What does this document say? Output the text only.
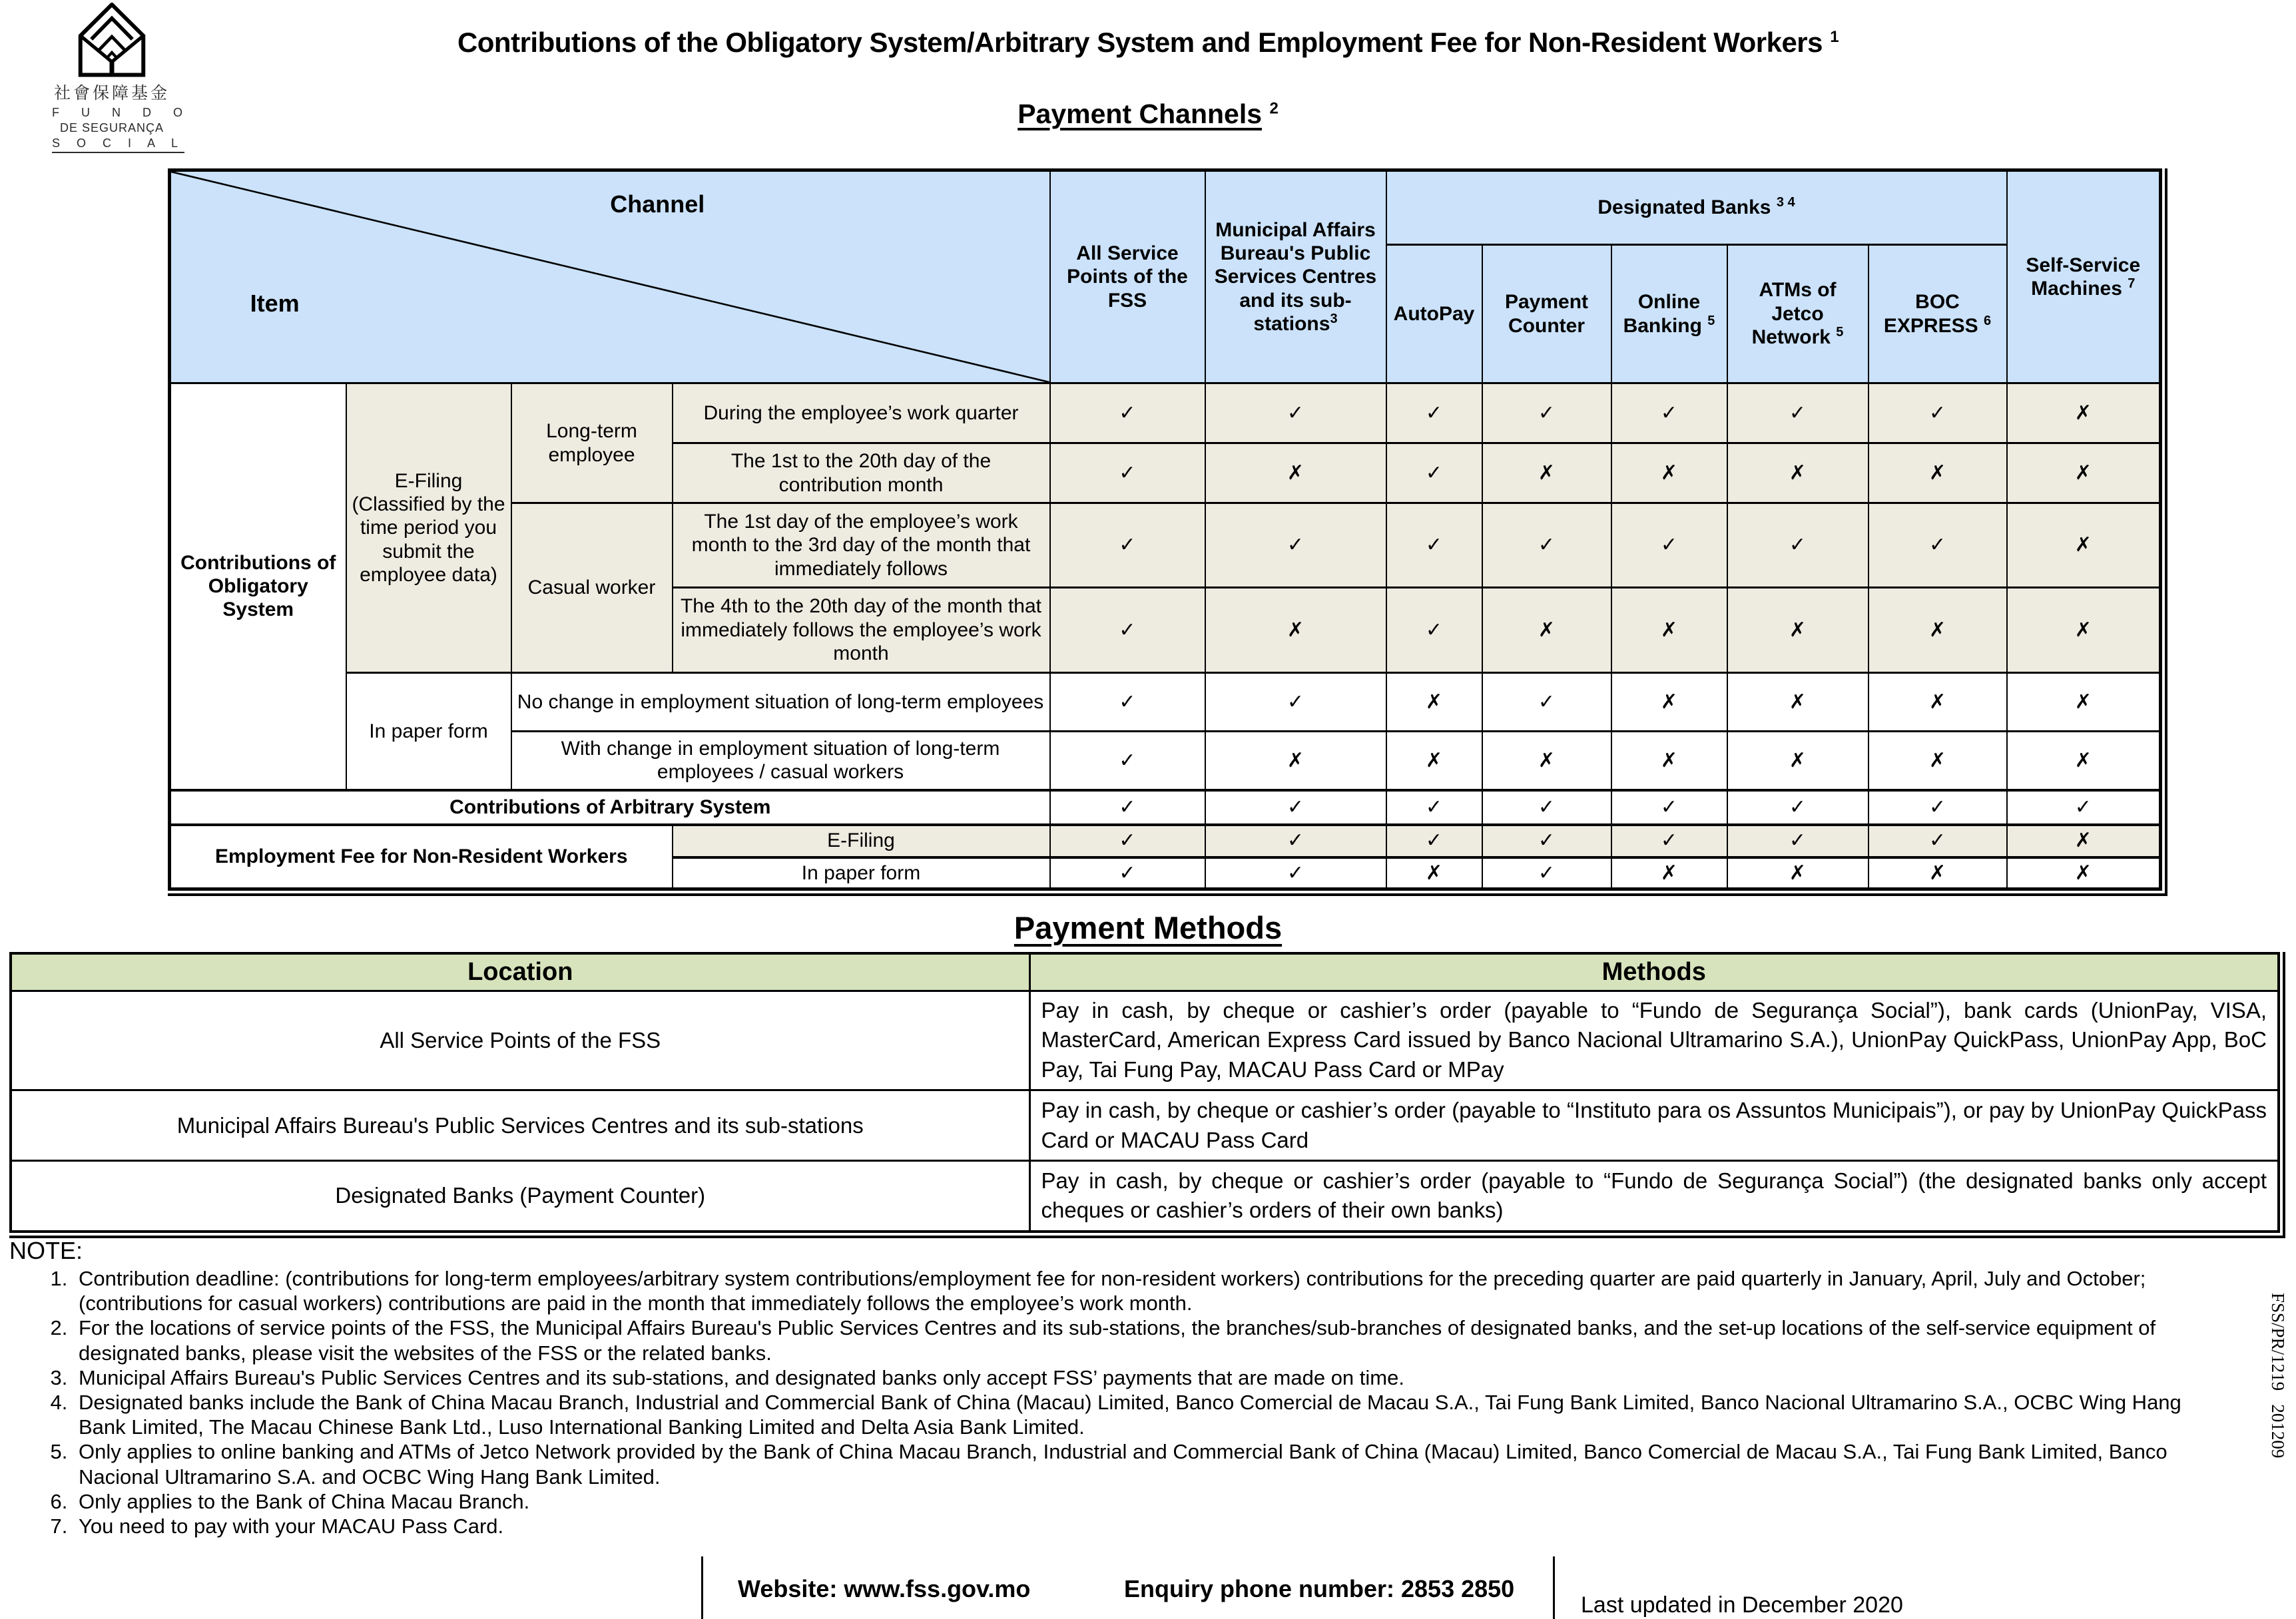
社會保障基金
F U N D O
DE SEGURANÇA
S O C I A L
Contributions of the Obligatory System/Arbitrary System and Employment Fee for Non-Resident Workers $^1$
Payment Channels $^2$
Channel
Item				All Service Points of the FSS	Municipal Affairs Bureau's Public Services Centres and its sub-stations$^3$	Designated Banks $^{3 4}$					Self-Service Machines $^7$
						AutoPay	Payment Counter	Online Banking $^5$	ATMs of Jetco Network $^5$	BOC EXPRESS $^6$
Contributions of Obligatory System	E-Filing (Classified by the time period you submit the employee data)	Long-term employee	During the employee’s work quarter	✓	✓	✓	✓	✓	✓	✓	✗
			The 1st to the 20th day of the contribution month	✓	✗	✓	✗	✗	✗	✗	✗
		Casual worker	The 1st day of the employee’s work month to the 3rd day of the month that immediately follows	✓	✓	✓	✓	✓	✓	✓	✗
			The 4th to the 20th day of the month that immediately follows the employee’s work month	✓	✗	✓	✗	✗	✗	✗	✗
	In paper form	No change in employment situation of long-term employees		✓	✓	✗	✓	✗	✗	✗	✗
		With change in employment situation of long-term employees / casual workers		✓	✗	✗	✗	✗	✗	✗	✗
Contributions of Arbitrary System				✓	✓	✓	✓	✓	✓	✓	✓
Employment Fee for Non-Resident Workers			E-Filing	✓	✓	✓	✓	✓	✓	✓	✗
			In paper form	✓	✓	✗	✓	✗	✗	✗	✗
Payment Methods
Location	Methods
All Service Points of the FSS	Pay in cash, by cheque or cashier’s order (payable to “Fundo de Segurança Social”), bank cards (UnionPay, VISA, MasterCard, American Express Card issued by Banco Nacional Ultramarino S.A.), UnionPay QuickPass, UnionPay App, BoC Pay, Tai Fung Pay, MACAU Pass Card or MPay
Municipal Affairs Bureau's Public Services Centres and its sub-stations	Pay in cash, by cheque or cashier’s order (payable to “Instituto para os Assuntos Municipais”), or pay by UnionPay QuickPass Card or MACAU Pass Card
Designated Banks (Payment Counter)	Pay in cash, by cheque or cashier’s order (payable to “Fundo de Segurança Social”) (the designated banks only accept cheques or cashier’s orders of their own banks)
NOTE:
1. Contribution deadline: (contributions for long-term employees/arbitrary system contributions/employment fee for non-resident workers) contributions for the preceding quarter are paid quarterly in January, April, July and October; (contributions for casual workers) contributions are paid in the month that immediately follows the employee’s work month.
2. For the locations of service points of the FSS, the Municipal Affairs Bureau's Public Services Centres and its sub-stations, the branches/sub-branches of designated banks, and the set-up locations of the self-service equipment of designated banks, please visit the websites of the FSS or the related banks.
3. Municipal Affairs Bureau's Public Services Centres and its sub-stations, and designated banks only accept FSS’ payments that are made on time.
4. Designated banks include the Bank of China Macau Branch, Industrial and Commercial Bank of China (Macau) Limited, Banco Comercial de Macau S.A., Tai Fung Bank Limited, Banco Nacional Ultramarino S.A., OCBC Wing Hang Bank Limited, The Macau Chinese Bank Ltd., Luso International Banking Limited and Delta Asia Bank Limited.
5. Only applies to online banking and ATMs of Jetco Network provided by the Bank of China Macau Branch, Industrial and Commercial Bank of China (Macau) Limited, Banco Comercial de Macau S.A., Tai Fung Bank Limited, Banco Nacional Ultramarino S.A. and OCBC Wing Hang Bank Limited.
6. Only applies to the Bank of China Macau Branch.
7. You need to pay with your MACAU Pass Card.
Website: www.fss.gov.mo	Enquiry phone number: 2853 2850
Last updated in December 2020
FSS/PR/1219   201209
